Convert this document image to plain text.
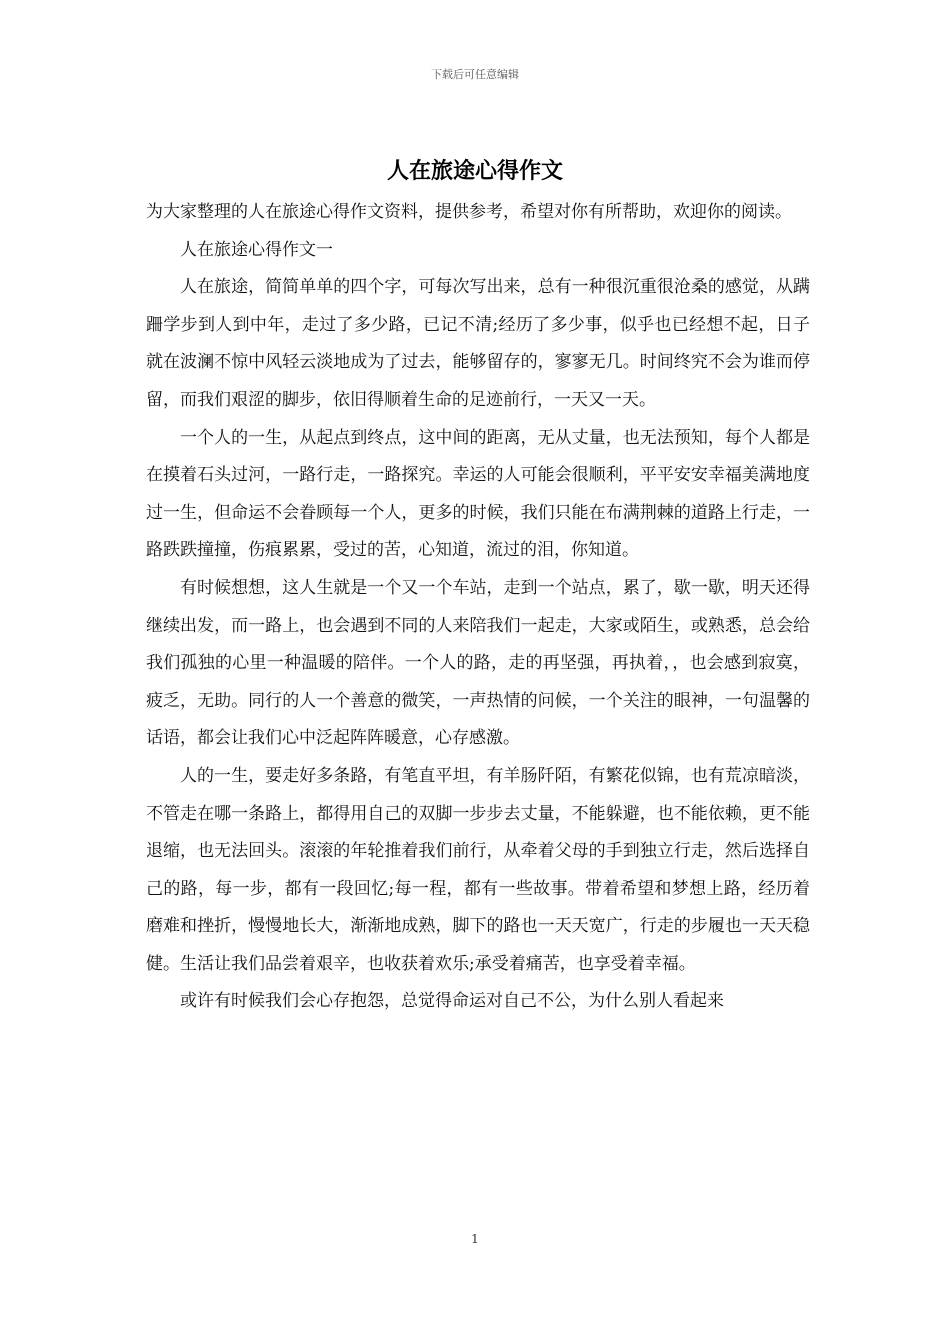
下载后可任意编辑
人在旅途心得作文

为大家整理的人在旅途心得作文资料，提供参考，希望对你有所帮助，欢迎你的阅读。

人在旅途心得作文一

人在旅途，简简单单的四个字，可每次写出来，总有一种很沉重很沧桑的感觉，从蹒跚学步到人到中年，走过了多少路，已记不清;经历了多少事，似乎也已经想不起，日子就在波澜不惊中风轻云淡地成为了过去，能够留存的，寥寥无几。时间终究不会为谁而停留，而我们艰涩的脚步，依旧得顺着生命的足迹前行，一天又一天。

一个人的一生，从起点到终点，这中间的距离，无从丈量，也无法预知，每个人都是在摸着石头过河，一路行走，一路探究。幸运的人可能会很顺利，平平安安幸福美满地度过一生，但命运不会眷顾每一个人，更多的时候，我们只能在布满荆棘的道路上行走，一路跌跌撞撞，伤痕累累，受过的苦，心知道，流过的泪，你知道。

有时候想想，这人生就是一个又一个车站，走到一个站点，累了，歇一歇，明天还得继续出发，而一路上，也会遇到不同的人来陪我们一起走，大家或陌生，或熟悉，总会给我们孤独的心里一种温暖的陪伴。一个人的路，走的再坚强，再执着，，也会感到寂寞，疲乏，无助。同行的人一个善意的微笑，一声热情的问候，一个关注的眼神，一句温馨的话语，都会让我们心中泛起阵阵暖意，心存感激。

人的一生，要走好多条路，有笔直平坦，有羊肠阡陌，有繁花似锦，也有荒凉暗淡，不管走在哪一条路上，都得用自己的双脚一步步去丈量，不能躲避，也不能依赖，更不能退缩，也无法回头。滚滚的年轮推着我们前行，从牵着父母的手到独立行走，然后选择自己的路，每一步，都有一段回忆;每一程，都有一些故事。带着希望和梦想上路，经历着磨难和挫折，慢慢地长大，渐渐地成熟，脚下的路也一天天宽广，行走的步履也一天天稳健。生活让我们品尝着艰辛，也收获着欢乐;承受着痛苦，也享受着幸福。

或许有时候我们会心存抱怨，总觉得命运对自己不公，为什么别人看起来

1
